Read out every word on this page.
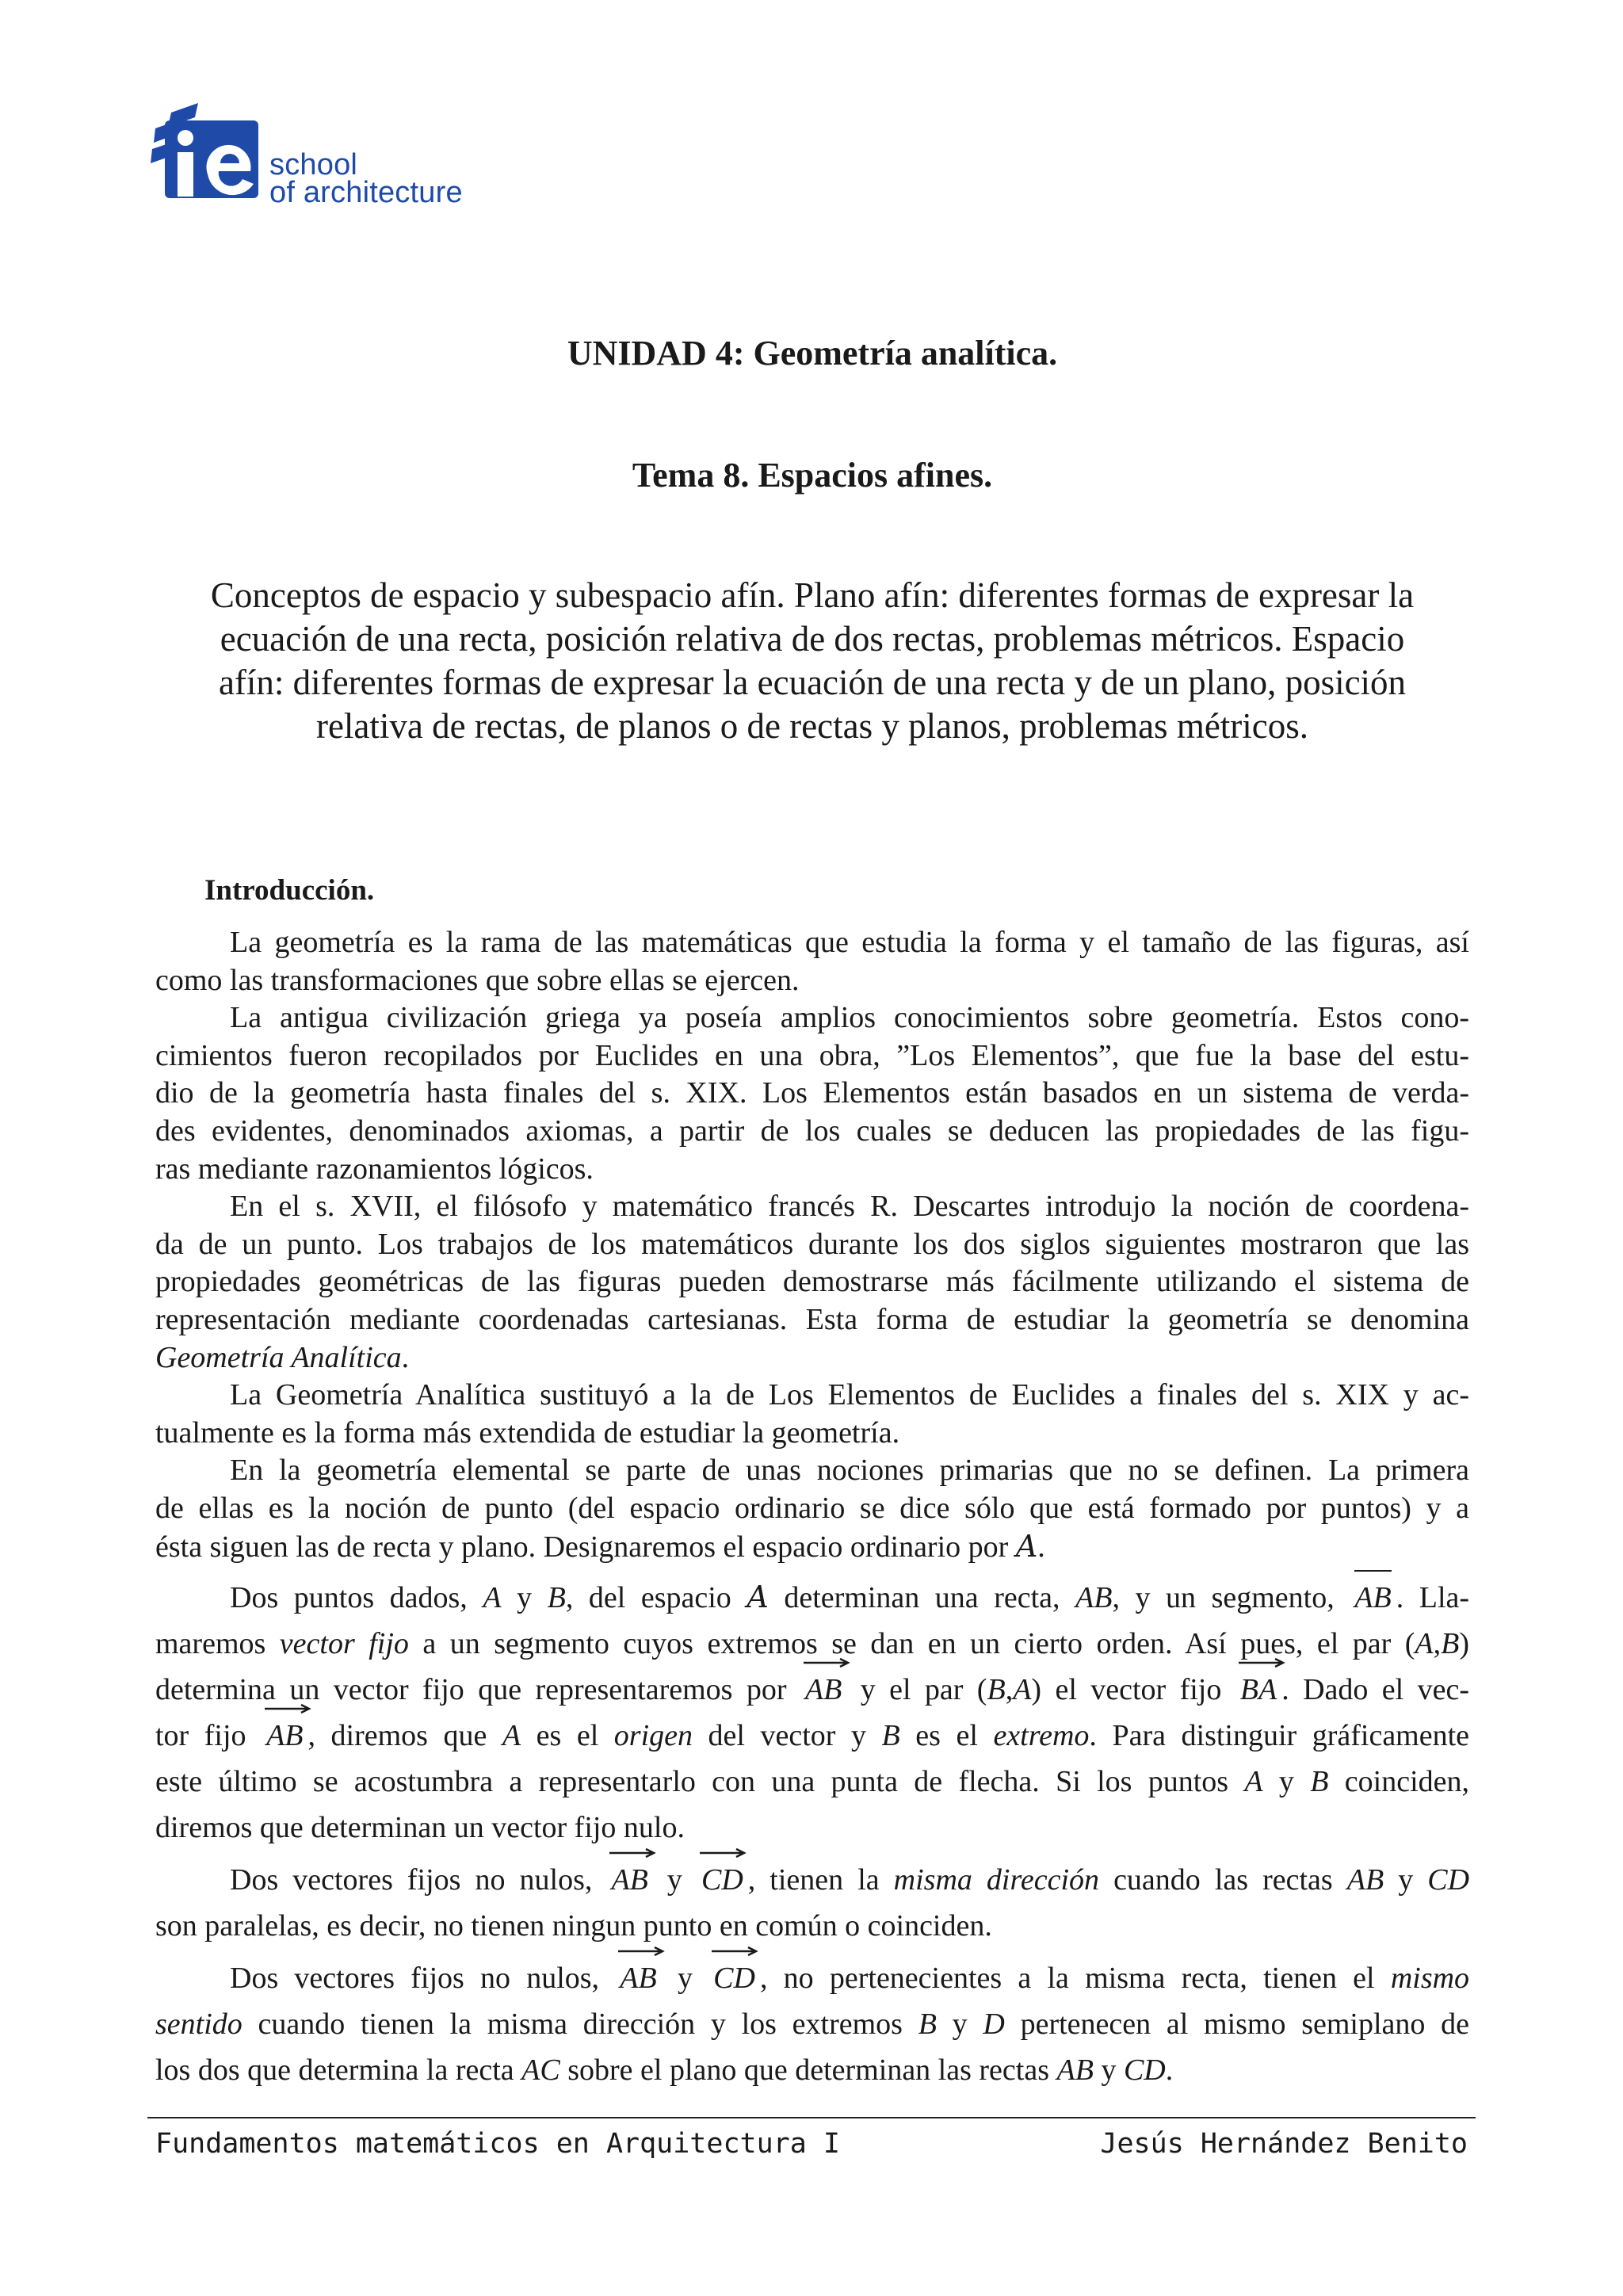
school
of architecture
UNIDAD 4: Geometría analítica.
Tema 8. Espacios afines.
Conceptos de espacio y subespacio afín. Plano afín: diferentes formas de expresar la
ecuación de una recta, posición relativa de dos rectas, problemas métricos. Espacio
afín: diferentes formas de expresar la ecuación de una recta y de un plano, posición
relativa de rectas, de planos o de rectas y planos, problemas métricos.
Introducción.
La geometría es la rama de las matemáticas que estudia la forma y el tamaño de las figuras, así
como las transformaciones que sobre ellas se ejercen.
La antigua civilización griega ya poseía amplios conocimientos sobre geometría. Estos cono-
cimientos fueron recopilados por Euclides en una obra, ”Los Elementos”, que fue la base del estu-
dio de la geometría hasta finales del s. XIX. Los Elementos están basados en un sistema de verda-
des evidentes, denominados axiomas, a partir de los cuales se deducen las propiedades de las figu-
ras mediante razonamientos lógicos.
En el s. XVII, el filósofo y matemático francés R. Descartes introdujo la noción de coordena-
da de un punto. Los trabajos de los matemáticos durante los dos siglos siguientes mostraron que las
propiedades geométricas de las figuras pueden demostrarse más fácilmente utilizando el sistema de
representación mediante coordenadas cartesianas. Esta forma de estudiar la geometría se denomina
Geometría Analítica.
La Geometría Analítica sustituyó a la de Los Elementos de Euclides a finales del s. XIX y ac-
tualmente es la forma más extendida de estudiar la geometría.
En la geometría elemental se parte de unas nociones primarias que no se definen. La primera
de ellas es la noción de punto (del espacio ordinario se dice sólo que está formado por puntos) y a
ésta siguen las de recta y plano. Designaremos el espacio ordinario por A.
Dos puntos dados, A y B, del espacio A determinan una recta, AB, y un segmento, AB . Lla-
maremos vector fijo a un segmento cuyos extremos se dan en un cierto orden. Así pues, el par (A,B)
determina un vector fijo que representaremos por AB y el par (B,A) el vector fijo BA . Dado el vec-
tor fijo AB , diremos que A es el origen del vector y B es el extremo. Para distinguir gráficamente
este último se acostumbra a representarlo con una punta de flecha. Si los puntos A y B coinciden,
diremos que determinan un vector fijo nulo.
Dos vectores fijos no nulos, AB y CD , tienen la misma dirección cuando las rectas AB y CD
son paralelas, es decir, no tienen ningun punto en común o coinciden.
Dos vectores fijos no nulos, AB y CD , no pertenecientes a la misma recta, tienen el mismo
sentido cuando tienen la misma dirección y los extremos B y D pertenecen al mismo semiplano de
los dos que determina la recta AC sobre el plano que determinan las rectas AB y CD.
Fundamentos matemáticos en Arquitectura I	Jesús Hernández Benito
